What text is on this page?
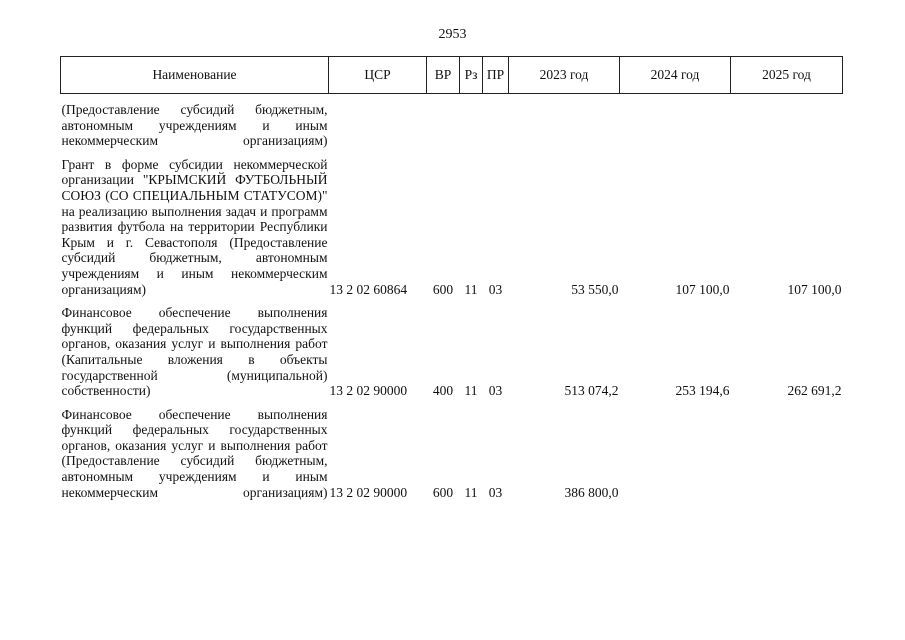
2953
Наименование	ЦСР	ВР	Рз	ПР	2023 год	2024 год	2025 год

(Предоставление субсидий бюджетным, автономным учреждениям и иным некоммерческим организациям)							

Грант в форме субсидии некоммерческой организации "КРЫМСКИЙ ФУТБОЛЬНЫЙ СОЮЗ (СО СПЕЦИАЛЬНЫМ СТАТУСОМ)" на реализацию выполнения задач и программ развития футбола на территории Республики Крым и г. Севастополя (Предоставление субсидий бюджетным, автономным учреждениям и иным некоммерческим организациям)	13 2 02 60864	600	11	03	53 550,0	107 100,0	107 100,0

Финансовое обеспечение выполнения функций федеральных государственных органов, оказания услуг и выполнения работ (Капитальные вложения в объекты государственной (муниципальной) собственности)	13 2 02 90000	400	11	03	513 074,2	253 194,6	262 691,2

Финансовое обеспечение выполнения функций федеральных государственных органов, оказания услуг и выполнения работ (Предоставление субсидий бюджетным, автономным учреждениям и иным некоммерческим организациям)	13 2 02 90000	600	11	03	386 800,0		
